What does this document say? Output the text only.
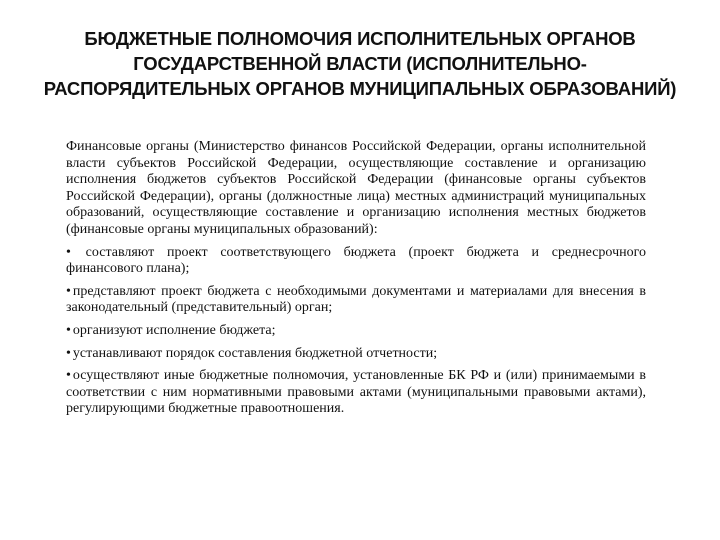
БЮДЖЕТНЫЕ ПОЛНОМОЧИЯ ИСПОЛНИТЕЛЬНЫХ ОРГАНОВ ГОСУДАРСТВЕННОЙ ВЛАСТИ (ИСПОЛНИТЕЛЬНО-РАСПОРЯДИТЕЛЬНЫХ ОРГАНОВ МУНИЦИПАЛЬНЫХ ОБРАЗОВАНИЙ)

Финансовые органы (Министерство финансов Российской Федерации, органы исполнительной власти субъектов Российской Федерации, осуществляющие составление и организацию исполнения бюджетов субъектов Российской Федерации (финансовые органы субъектов Российской Федерации), органы (должностные лица) местных администраций муниципальных образований, осуществляющие составление и организацию исполнения местных бюджетов (финансовые органы муниципальных образований):

• составляют проект соответствующего бюджета (проект бюджета и среднесрочного финансового плана);

• представляют проект бюджета с необходимыми документами и материалами для внесения в законодательный (представительный) орган;

• организуют исполнение бюджета;

• устанавливают порядок составления бюджетной отчетности;

• осуществляют иные бюджетные полномочия, установленные БК РФ и (или) принимаемыми в соответствии с ним нормативными правовыми актами (муниципальными правовыми актами), регулирующими бюджетные правоотношения.
